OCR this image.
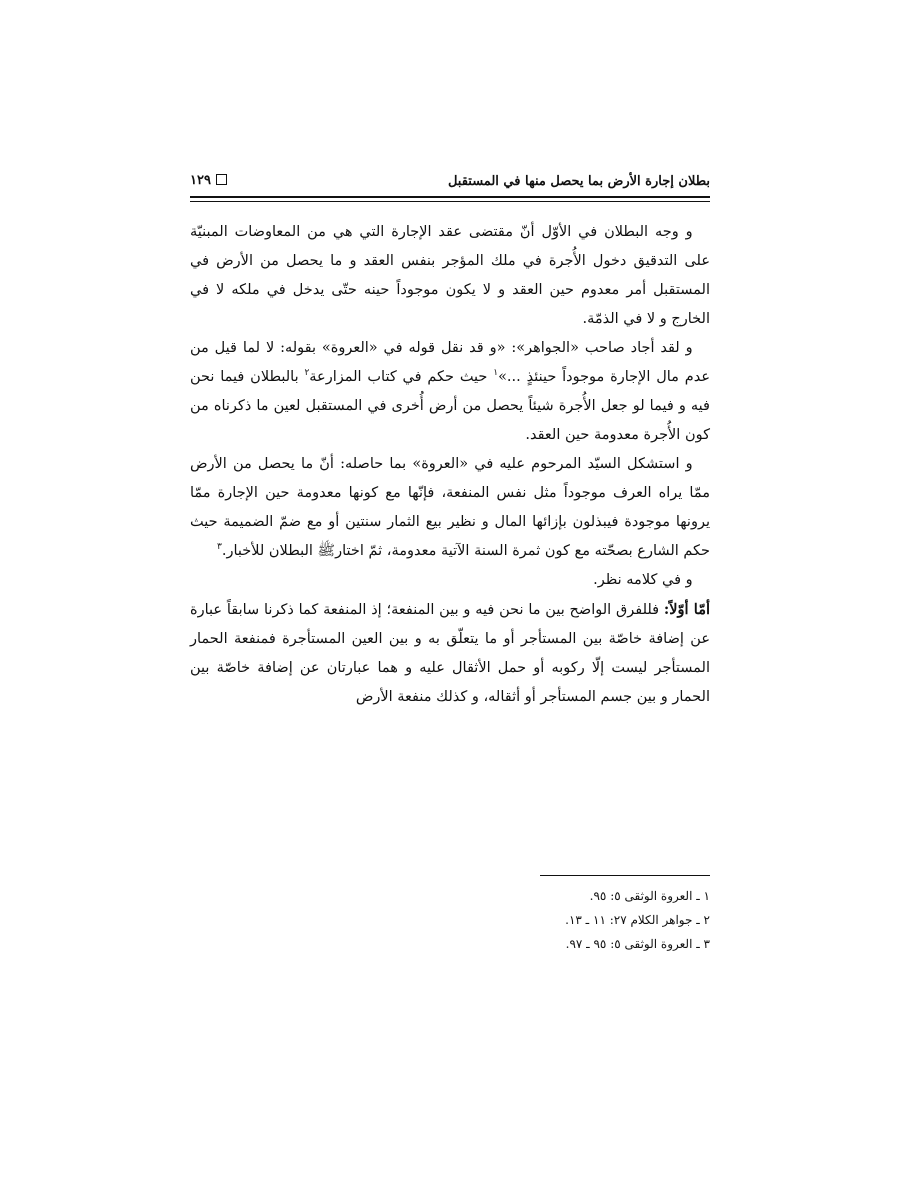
بطلان إجارة الأرض بما يحصل منها في المستقبل
١٢٩

و وجه البطلان في الأوّل أنّ مقتضى عقد الإجارة التي هي من المعاوضات المبنيّة على التدقيق دخول الأُجرة في ملك المؤجر بنفس العقد و ما يحصل من الأرض في المستقبل أمر معدوم حين العقد و لا يكون موجوداً حينه حتّى يدخل في ملكه لا في الخارج و لا في الذمّة.

و لقد أجاد صاحب «الجواهر»: «و قد نقل قوله في «العروة» بقوله: لا لما قيل من عدم مال الإجارة موجوداً حينئذٍ ...»$^١$ حيث حكم في كتاب المزارعة$^٢$ بالبطلان فيما نحن فيه و فيما لو جعل الأُجرة شيئاً يحصل من أرض أُخرى في المستقبل لعين ما ذكرناه من كون الأُجرة معدومة حين العقد.

و استشكل السيّد المرحوم عليه في «العروة» بما حاصله: أنّ ما يحصل من الأرض ممّا يراه العرف موجوداً مثل نفس المنفعة، فإنّها مع كونها معدومة حين الإجارة ممّا يرونها موجودة فيبذلون بإزائها المال و نظير بيع الثمار سنتين أو مع ضمّ الضميمة حيث حكم الشارع بصحّته مع كون ثمرة السنة الآتية معدومة، ثمّ اختارﷺ البطلان للأخبار.$^٣$

و في كلامه نظر.

أمّا أوّلاً: فللفرق الواضح بين ما نحن فيه و بين المنفعة؛ إذ المنفعة كما ذكرنا سابقاً عبارة عن إضافة خاصّة بين المستأجر أو ما يتعلّق به و بين العين المستأجرة فمنفعة الحمار المستأجر ليست إلّا ركوبه أو حمل الأثقال عليه و هما عبارتان عن إضافة خاصّة بين الحمار و بين جسم المستأجر أو أثقاله، و كذلك منفعة الأرض

١ ـ العروة الوثقى ٥: ٩٥.
٢ ـ جواهر الكلام ٢٧: ١١ ـ ١٣.
٣ ـ العروة الوثقى ٥: ٩٥ ـ ٩٧.
